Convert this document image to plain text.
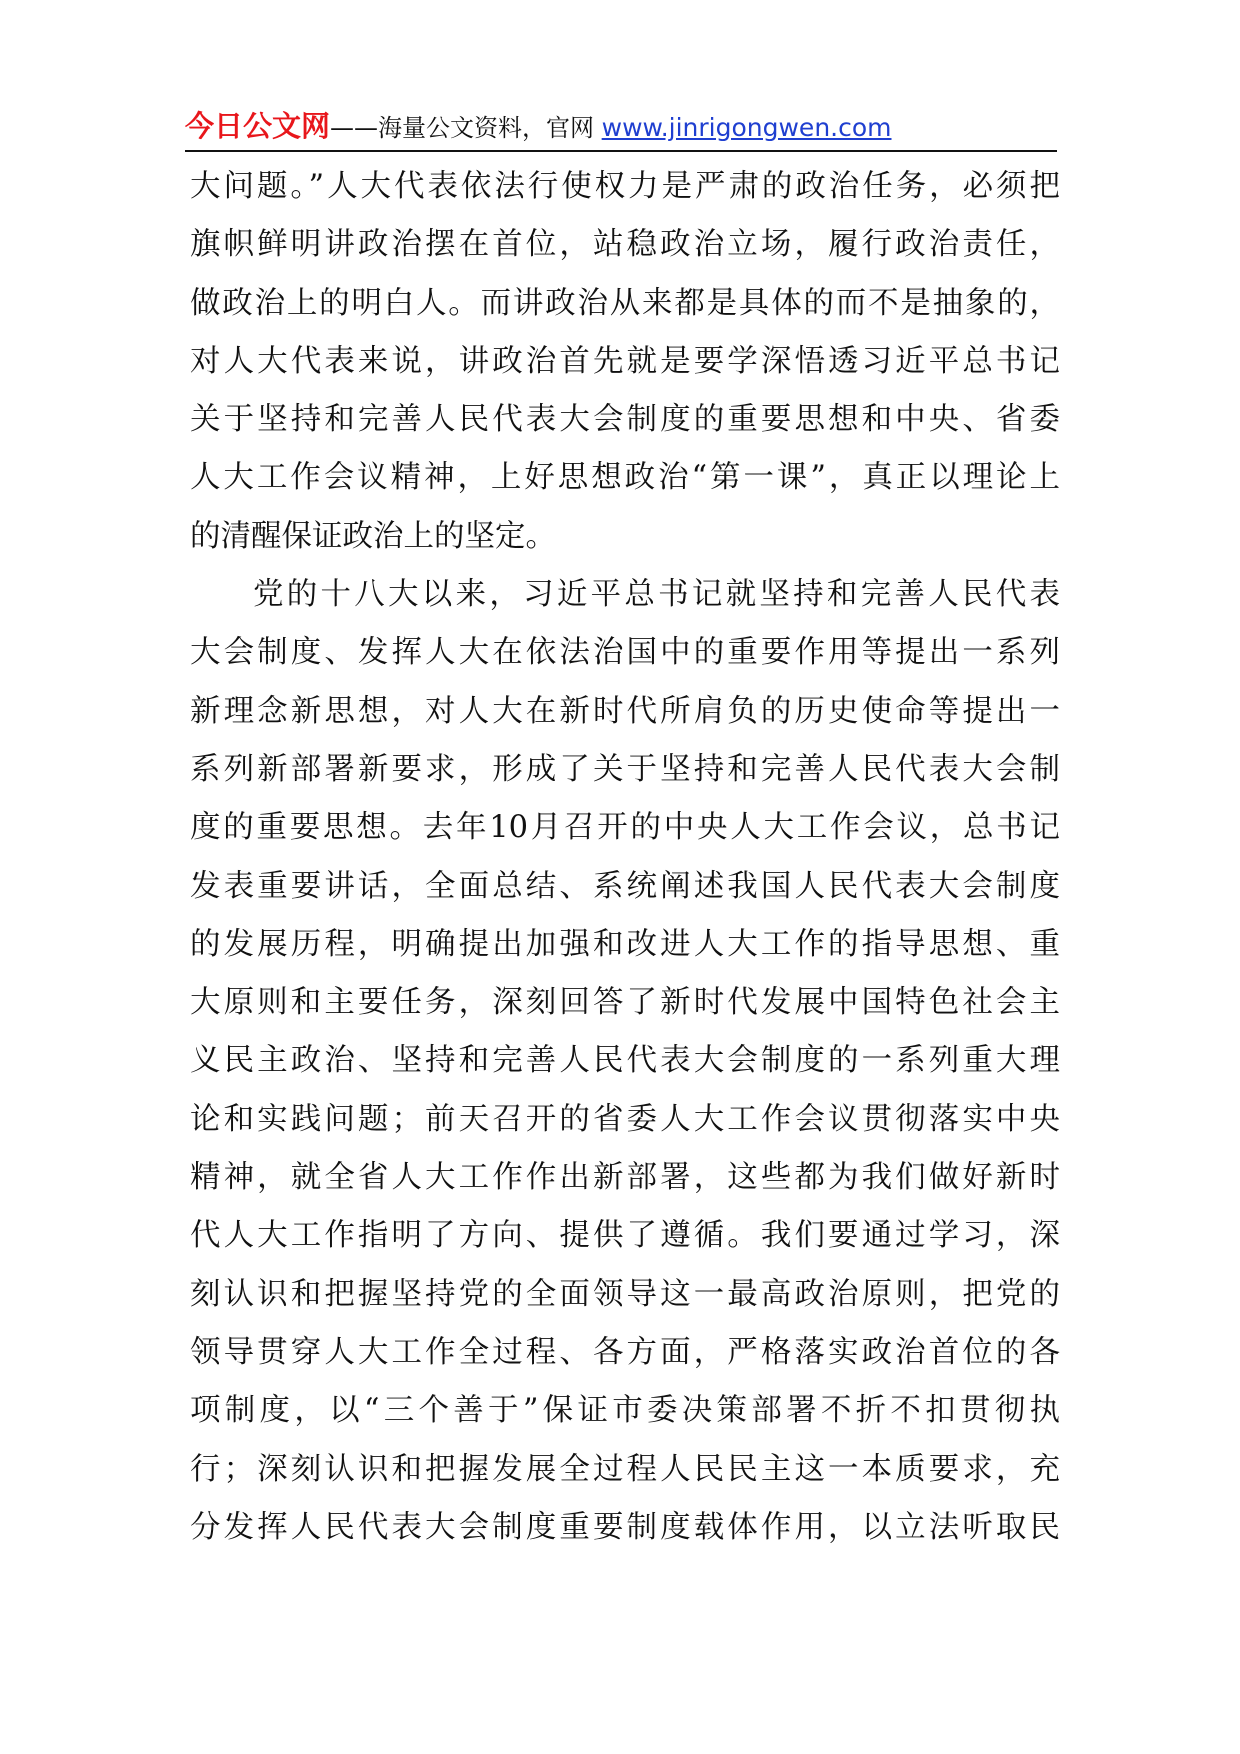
今日公文网——海量公文资料，官网 www.jinrigongwen.com
大问题。”人大代表依法行使权力是严肃的政治任务，必须把
旗帜鲜明讲政治摆在首位，站稳政治立场，履行政治责任，
做政治上的明白人。而讲政治从来都是具体的而不是抽象的，
对人大代表来说，讲政治首先就是要学深悟透习近平总书记
关于坚持和完善人民代表大会制度的重要思想和中央、省委
人大工作会议精神，上好思想政治“第一课”，真正以理论上
的清醒保证政治上的坚定。
党的十八大以来，习近平总书记就坚持和完善人民代表
大会制度、发挥人大在依法治国中的重要作用等提出一系列
新理念新思想，对人大在新时代所肩负的历史使命等提出一
系列新部署新要求，形成了关于坚持和完善人民代表大会制
度的重要思想。去年10月召开的中央人大工作会议，总书记
发表重要讲话，全面总结、系统阐述我国人民代表大会制度
的发展历程，明确提出加强和改进人大工作的指导思想、重
大原则和主要任务，深刻回答了新时代发展中国特色社会主
义民主政治、坚持和完善人民代表大会制度的一系列重大理
论和实践问题；前天召开的省委人大工作会议贯彻落实中央
精神，就全省人大工作作出新部署，这些都为我们做好新时
代人大工作指明了方向、提供了遵循。我们要通过学习，深
刻认识和把握坚持党的全面领导这一最高政治原则，把党的
领导贯穿人大工作全过程、各方面，严格落实政治首位的各
项制度，以“三个善于”保证市委决策部署不折不扣贯彻执
行；深刻认识和把握发展全过程人民民主这一本质要求，充
分发挥人民代表大会制度重要制度载体作用，以立法听取民
